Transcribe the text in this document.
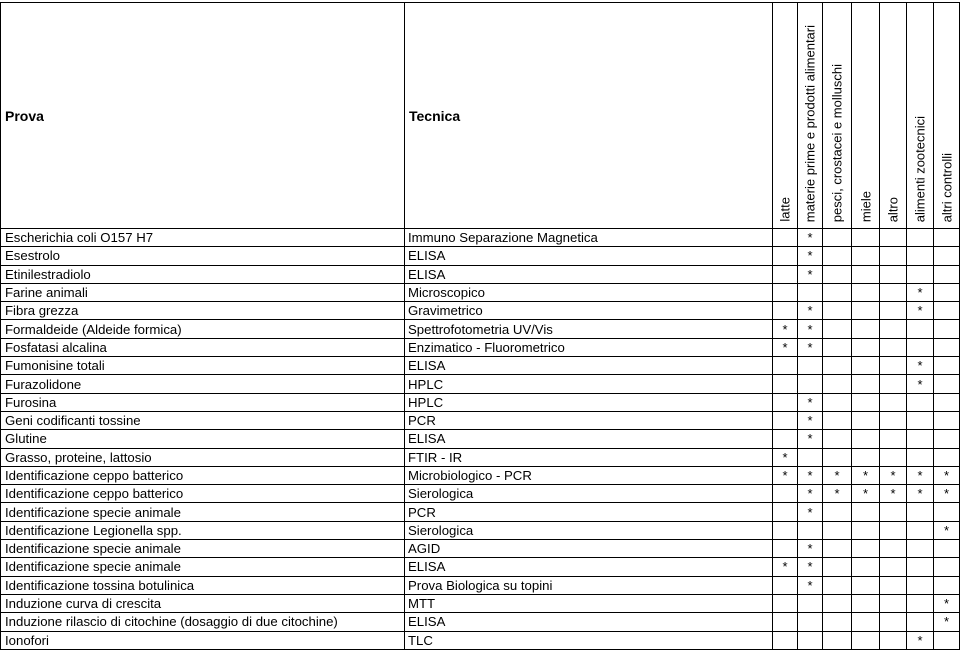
Prova	Tecnica	latte	materie prime e prodotti alimentari	pesci, crostacei e molluschi	miele	altro	alimenti zootecnici	altri controlli

Escherichia coli O157 H7	Immuno Separazione Magnetica		*					
Esestrolo	ELISA		*					
Etinilestradiolo	ELISA		*					
Farine animali	Microscopico						*	
Fibra grezza	Gravimetrico		*				*	
Formaldeide (Aldeide formica)	Spettrofotometria UV/Vis	*	*					
Fosfatasi alcalina	Enzimatico - Fluorometrico	*	*					
Fumonisine totali	ELISA						*	
Furazolidone	HPLC						*	
Furosina	HPLC		*					
Geni codificanti tossine	PCR		*					
Glutine	ELISA		*					
Grasso, proteine, lattosio	FTIR - IR	*						
Identificazione ceppo batterico	Microbiologico - PCR	*	*	*	*	*	*	*
Identificazione ceppo batterico	Sierologica		*	*	*	*	*	*
Identificazione specie animale	PCR		*					
Identificazione Legionella spp.	Sierologica							*
Identificazione specie animale	AGID		*					
Identificazione specie animale	ELISA	*	*					
Identificazione tossina botulinica	Prova Biologica su topini		*					
Induzione curva di crescita	MTT							*
Induzione rilascio di citochine (dosaggio di due citochine)	ELISA							*
Ionofori	TLC						*	
